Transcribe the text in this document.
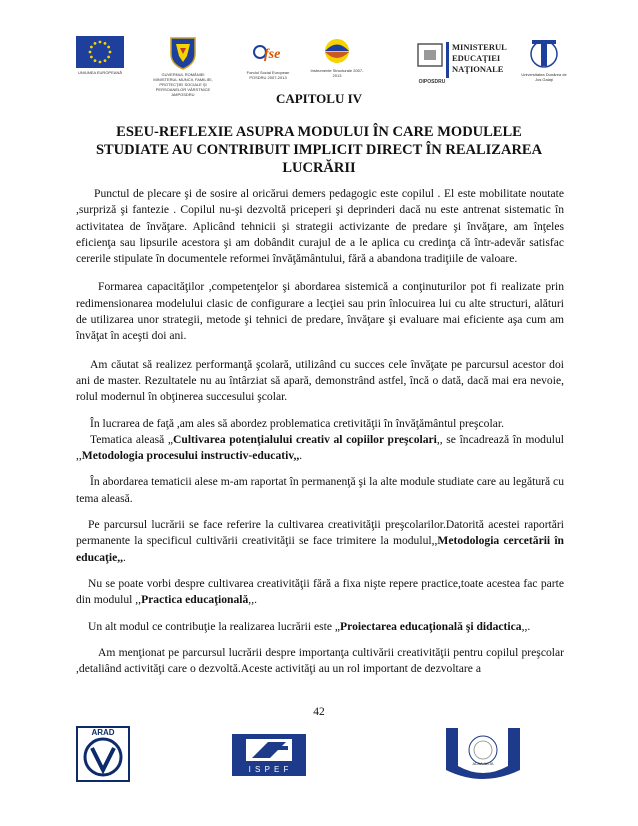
UNIUNEA EUROPEANĂ	GUVERNUL ROMÂNIEI MINISTERUL MUNCII, FAMILIEI, PROTECŢIEI SOCIALE ŞI PERSOANELOR VÂRSTNICE AMPOSDRU
fse
Fondul Social European POSDRU 2007-2013
Instrumente Structurale 2007-2013
OIPOSDRU
MINISTERUL
EDUCAŢIEI
NAŢIONALE
Universitatea Dunărea de Jos Galaţi
CAPITOLU IV
ESEU-REFLEXIE ASUPRA MODULUI ÎN CARE MODULELE STUDIATE AU CONTRIBUIT IMPLICIT DIRECT ÎN REALIZAREA LUCRĂRII

Punctul de plecare şi de sosire al oricărui demers pedagogic este copilul . El este mobilitate noutate ,surpriză şi fantezie . Copilul nu-şi dezvoltă priceperi şi deprinderi dacă nu este antrenat sistematic în activitatea de învăţare. Aplicând tehnicii şi strategii activizante de predare şi învăţare, am înţeles eficienţa sau lipsurile acestora şi am dobândit curajul de a le aplica cu credinţa că într-adevăr satisfac cererile stipulate în documentele reformei învăţământului, fără a abandona tradiţiile de valoare.

Formarea capacităţilor ,competenţelor şi abordarea sistemică a conţinuturilor pot fi realizate prin redimensionarea modelului clasic de configurare a lecţiei sau prin înlocuirea lui cu alte structuri, alături de utilizarea unor strategii, metode şi tehnici de predare, învăţare şi evaluare mai eficiente aşa cum am învăţat în aceşti doi ani.

Am căutat să realizez performanţă şcolară, utilizând cu succes cele învăţate pe parcursul acestor doi ani de master. Rezultatele nu au întârziat să apară, demonstrând astfel, încă o dată, dacă mai era nevoie, rolul modernul în obţinerea succesului şcolar.

În lucrarea de faţă ,am ales să abordez problematica cretivităţii în învăţământul preşcolar.

Tematica aleasă „Cultivarea potenţialului creativ al copiilor preşcolari,, se încadrează în modulul ,,Metodologia procesului instructiv-educativ,,.

În abordarea tematicii alese m-am raportat în permanenţă şi la alte module studiate care au legătură cu tema aleasă.

Pe parcursul lucrării se face referire la cultivarea creativităţii preşcolarilor.Datorită acestei raportări permanente la specificul cultivării creativităţii se face trimitere la modulul,,Metodologia cercetării în educaţie,,.

Nu se poate vorbi despre cultivarea creativităţii fără a fixa nişte repere practice,toate acestea fac parte din modulul ,,Practica educaţională,,.

Un alt modul ce contribuţie la realizarea lucrării este „Proiectarea educaţională şi didactica,,.

Am menţionat pe parcursul lucrării despre importanţa cultivării creativităţii pentru copilul preşcolar ,detaliând activităţi care o dezvoltă.Aceste activităţi au un rol important de dezvoltare a

42
ARAD
I S P E F
ALBA IULIA
